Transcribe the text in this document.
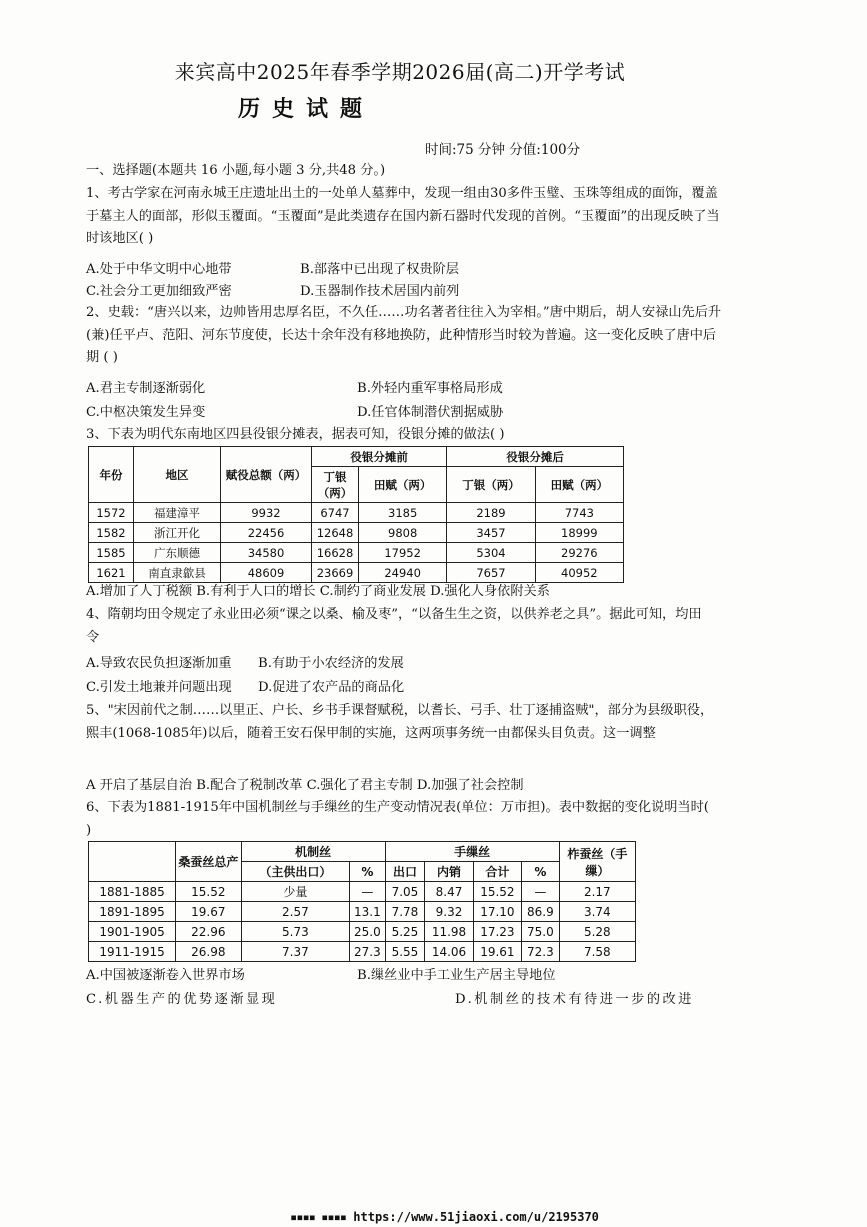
来宾高中2025年春季学期2026届(高二)开学考试
历史试题
时间:75 分钟 分值:100分
一、选择题(本题共 16 小题,每小题 3 分,共48 分。)
1、考古学家在河南永城王庄遗址出土的一处单人墓葬中，发现一组由30多件玉璧、玉珠等组成的面饰，覆盖于墓主人的面部，形似玉覆面。“玉覆面”是此类遗存在国内新石器时代发现的首例。“玉覆面”的出现反映了当时该地区( )
A.处于中华文明中心地带	B.部落中已出现了权贵阶层
C.社会分工更加细致严密	D.玉器制作技术居国内前列
2、史载：“唐兴以来，边帅皆用忠厚名臣，不久任……功名著者往往入为宰相。”唐中期后，胡人安禄山先后升 (兼)任平卢、范阳、河东节度使，长达十余年没有移地换防，此种情形当时较为普遍。这一变化反映了唐中后期 ( )
A.君主专制逐渐弱化	B.外轻内重军事格局形成
C.中枢决策发生异变	D.任官体制潜伏割据威胁
3、下表为明代东南地区四县役银分摊表，据表可知，役银分摊的做法( )
年份	地区	赋役总额（两）	役银分摊前		役银分摊后	
			丁银（两）	田赋（两）	丁银（两）	田赋（两）
1572	福建漳平	9932	6747	3185	2189	7743
1582	浙江开化	22456	12648	9808	3457	18999
1585	广东顺德	34580	16628	17952	5304	29276
1621	南直隶歙县	48609	23669	24940	7657	40952
A.增加了人丁税额 B.有利于人口的增长 C.制约了商业发展 D.强化人身依附关系
4、隋朝均田令规定了永业田必须“课之以桑、榆及枣”，“以备生生之资，以供养老之具”。据此可知，均田令
A.导致农民负担逐渐加重 B.有助于小农经济的发展
C.引发土地兼并问题出现 D.促进了农产品的商品化
5、"宋因前代之制……以里正、户长、乡书手课督赋税，以耆长、弓手、壮丁逐捕盗贼"，部分为县级职役，熙丰(1068-1085年)以后，随着王安石保甲制的实施，这两项事务统一由都保头目负责。这一调整
A 开启了基层自治 B.配合了税制改革 C.强化了君主专制 D.加强了社会控制
6、下表为1881-1915年中国机制丝与手缫丝的生产变动情况表(单位：万市担)。表中数据的变化说明当时( )
	桑蚕丝总产	机制丝		手缫丝				柞蚕丝（手缫）
		（主供出口）	%	出口	内销	合计	%	
1881-1885	15.52	少量	—	7.05	8.47	15.52	—	2.17
1891-1895	19.67	2.57	13.1	7.78	9.32	17.10	86.9	3.74
1901-1905	22.96	5.73	25.0	5.25	11.98	17.23	75.0	5.28
1911-1915	26.98	7.37	27.3	5.55	14.06	19.61	72.3	7.58
A.中国被逐渐卷入世界市场	B.缫丝业中手工业生产居主导地位
C.机器生产的优势逐渐显现	D.机制丝的技术有待进一步的改进
▪▪▪▪ ▪▪▪▪ https://www.51jiaoxi.com/u/2195370
